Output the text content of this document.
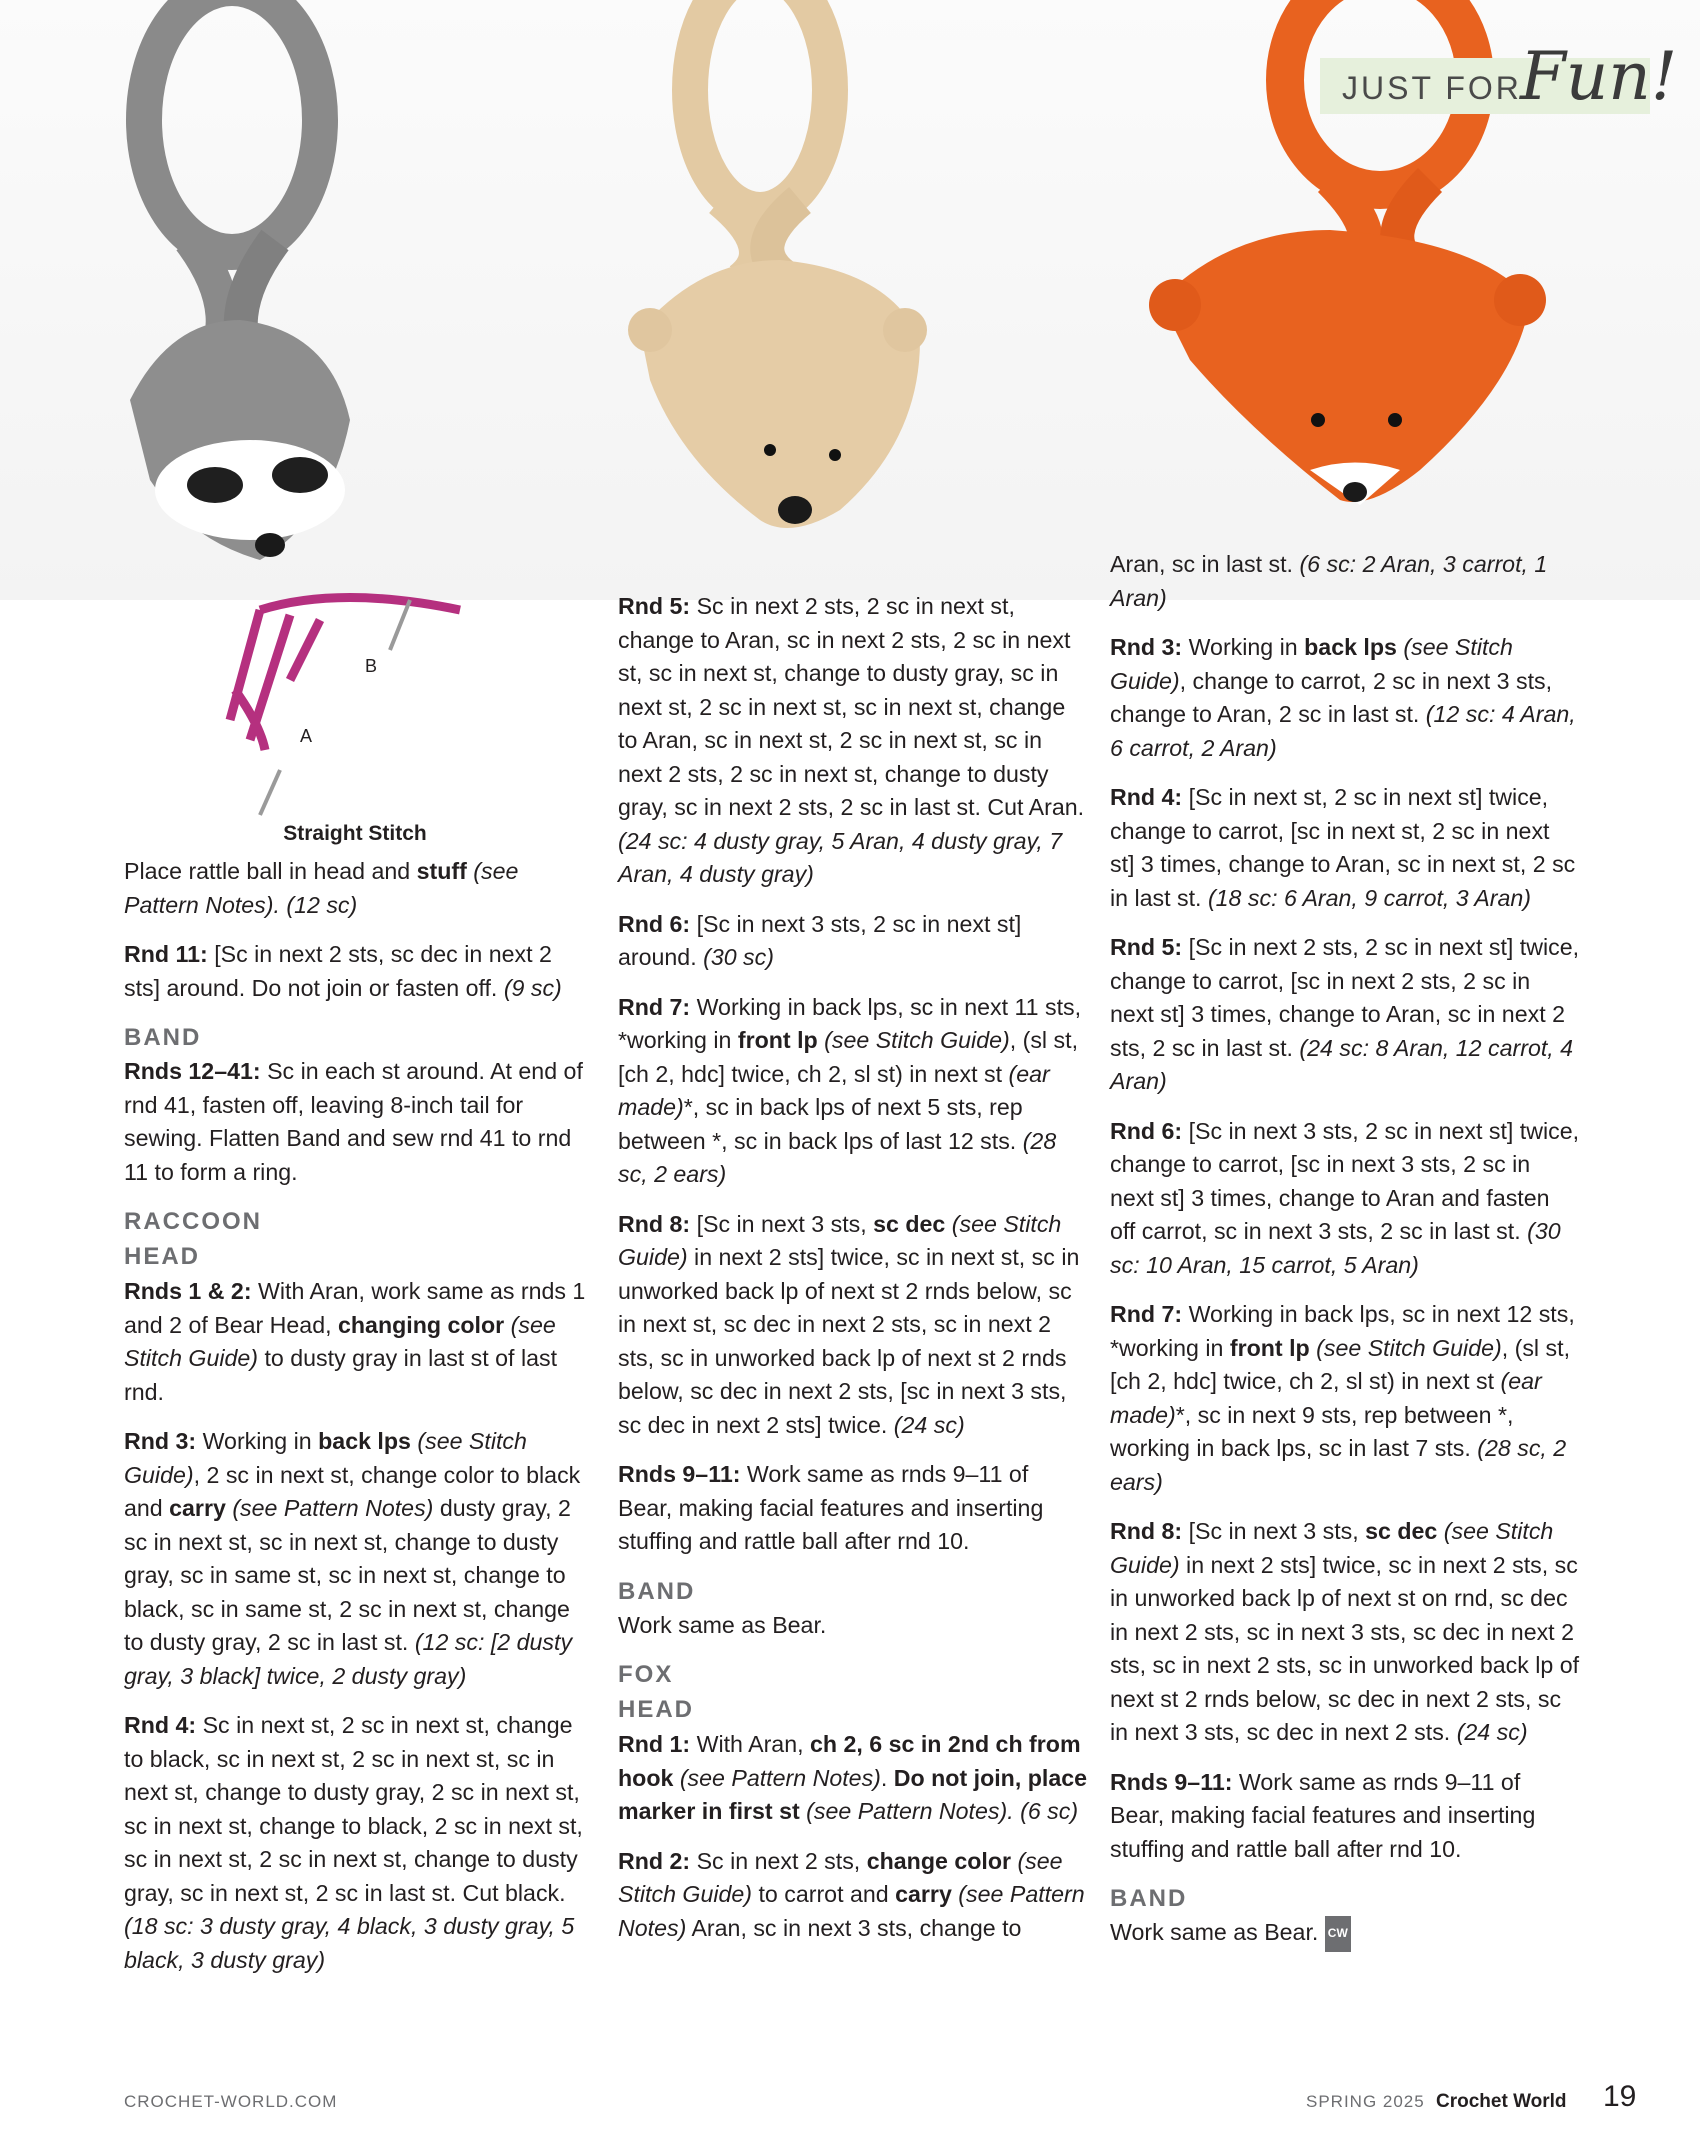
JUST FOR
Fun!
B
A
Straight Stitch

Place rattle ball in head and stuff (see Pattern Notes). (12 sc)

Rnd 11: [Sc in next 2 sts, sc dec in next 2 sts] around. Do not join or fasten off. (9 sc)

BAND

Rnds 12–41: Sc in each st around. At end of rnd 41, fasten off, leaving 8-inch tail for sewing. Flatten Band and sew rnd 41 to rnd 11 to form a ring.

RACCOON
HEAD

Rnds 1 & 2: With Aran, work same as rnds 1 and 2 of Bear Head, changing color (see Stitch Guide) to dusty gray in last st of last rnd.

Rnd 3: Working in back lps (see Stitch Guide), 2 sc in next st, change color to black and carry (see Pattern Notes) dusty gray, 2 sc in next st, sc in next st, change to dusty gray, sc in same st, sc in next st, change to black, sc in same st, 2 sc in next st, change to dusty gray, 2 sc in last st. (12 sc: [2 dusty gray, 3 black] twice, 2 dusty gray)

Rnd 4: Sc in next st, 2 sc in next st, change to black, sc in next st, 2 sc in next st, sc in next st, change to dusty gray, 2 sc in next st, sc in next st, change to black, 2 sc in next st, sc in next st, 2 sc in next st, change to dusty gray, sc in next st, 2 sc in last st. Cut black. (18 sc: 3 dusty gray, 4 black, 3 dusty gray, 5 black, 3 dusty gray)

Rnd 5: Sc in next 2 sts, 2 sc in next st, change to Aran, sc in next 2 sts, 2 sc in next st, sc in next st, change to dusty gray, sc in next st, 2 sc in next st, sc in next st, change to Aran, sc in next st, 2 sc in next st, sc in next 2 sts, 2 sc in next st, change to dusty gray, sc in next 2 sts, 2 sc in last st. Cut Aran. (24 sc: 4 dusty gray, 5 Aran, 4 dusty gray, 7 Aran, 4 dusty gray)

Rnd 6: [Sc in next 3 sts, 2 sc in next st] around. (30 sc)

Rnd 7: Working in back lps, sc in next 11 sts, *working in front lp (see Stitch Guide), (sl st, [ch 2, hdc] twice, ch 2, sl st) in next st (ear made)*, sc in back lps of next 5 sts, rep between *, sc in back lps of last 12 sts. (28 sc, 2 ears)

Rnd 8: [Sc in next 3 sts, sc dec (see Stitch Guide) in next 2 sts] twice, sc in next st, sc in unworked back lp of next st 2 rnds below, sc in next st, sc dec in next 2 sts, sc in next 2 sts, sc in unworked back lp of next st 2 rnds below, sc dec in next 2 sts, [sc in next 3 sts, sc dec in next 2 sts] twice. (24 sc)

Rnds 9–11: Work same as rnds 9–11 of Bear, making facial features and inserting stuffing and rattle ball after rnd 10.

BAND

Work same as Bear.

FOX
HEAD

Rnd 1: With Aran, ch 2, 6 sc in 2nd ch from hook (see Pattern Notes). Do not join, place marker in first st (see Pattern Notes). (6 sc)

Rnd 2: Sc in next 2 sts, change color (see Stitch Guide) to carrot and carry (see Pattern Notes) Aran, sc in next 3 sts, change to

Aran, sc in last st. (6 sc: 2 Aran, 3 carrot, 1 Aran)

Rnd 3: Working in back lps (see Stitch Guide), change to carrot, 2 sc in next 3 sts, change to Aran, 2 sc in last st. (12 sc: 4 Aran, 6 carrot, 2 Aran)

Rnd 4: [Sc in next st, 2 sc in next st] twice, change to carrot, [sc in next st, 2 sc in next st] 3 times, change to Aran, sc in next st, 2 sc in last st. (18 sc: 6 Aran, 9 carrot, 3 Aran)

Rnd 5: [Sc in next 2 sts, 2 sc in next st] twice, change to carrot, [sc in next 2 sts, 2 sc in next st] 3 times, change to Aran, sc in next 2 sts, 2 sc in last st. (24 sc: 8 Aran, 12 carrot, 4 Aran)

Rnd 6: [Sc in next 3 sts, 2 sc in next st] twice, change to carrot, [sc in next 3 sts, 2 sc in next st] 3 times, change to Aran and fasten off carrot, sc in next 3 sts, 2 sc in last st. (30 sc: 10 Aran, 15 carrot, 5 Aran)

Rnd 7: Working in back lps, sc in next 12 sts, *working in front lp (see Stitch Guide), (sl st, [ch 2, hdc] twice, ch 2, sl st) in next st (ear made)*, sc in next 9 sts, rep between *, working in back lps, sc in last 7 sts. (28 sc, 2 ears)

Rnd 8: [Sc in next 3 sts, sc dec (see Stitch Guide) in next 2 sts] twice, sc in next 2 sts, sc in unworked back lp of next st on rnd, sc dec in next 2 sts, sc in next 3 sts, sc dec in next 2 sts, sc in next 2 sts, sc in unworked back lp of next st 2 rnds below, sc dec in next 2 sts, sc in next 3 sts, sc dec in next 2 sts. (24 sc)

Rnds 9–11: Work same as rnds 9–11 of Bear, making facial features and inserting stuffing and rattle ball after rnd 10.

BAND

Work same as Bear. CW

CROCHET-WORLD.COM	SPRING 2025 Crochet World 19
